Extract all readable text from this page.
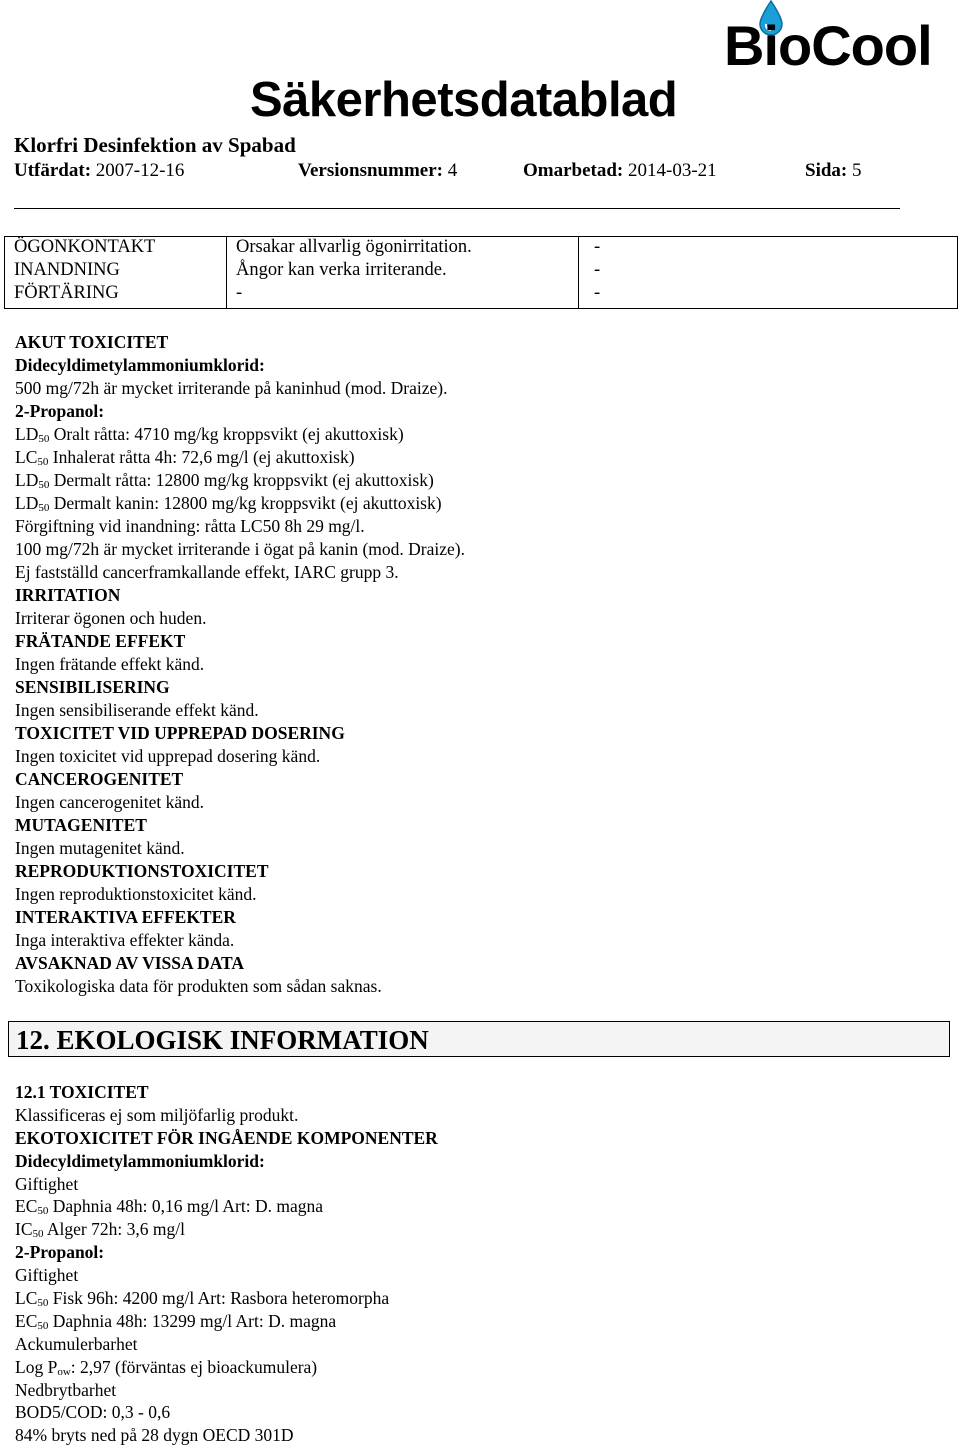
BioCool
Säkerhetsdatablad
Klorfri Desinfektion av Spabad
Utfärdat: 2007-12-16	Versionsnummer: 4	Omarbetad: 2014-03-21	Sida: 5
ÖGONKONTAKT	Orsakar allvarlig ögonirritation.	-
INANDNING	Ångor kan verka irriterande.	-
FÖRTÄRING	-	-
AKUT TOXICITET
Didecyldimetylammoniumklorid:
500 mg/72h är mycket irriterande på kaninhud (mod. Draize).
2-Propanol:
$LD_{50}$ Oralt råtta: 4710 mg/kg kroppsvikt (ej akuttoxisk)
$LC_{50}$ Inhalerat råtta 4h: 72,6 mg/l (ej akuttoxisk)
$LD_{50}$ Dermalt råtta: 12800 mg/kg kroppsvikt (ej akuttoxisk)
$LD_{50}$ Dermalt kanin: 12800 mg/kg kroppsvikt (ej akuttoxisk)
Förgiftning vid inandning: råtta LC50 8h 29 mg/l.
100 mg/72h är mycket irriterande i ögat på kanin (mod. Draize).
Ej fastställd cancerframkallande effekt, IARC grupp 3.
IRRITATION
Irriterar ögonen och huden.
FRÄTANDE EFFEKT
Ingen frätande effekt känd.
SENSIBILISERING
Ingen sensibiliserande effekt känd.
TOXICITET VID UPPREPAD DOSERING
Ingen toxicitet vid upprepad dosering känd.
CANCEROGENITET
Ingen cancerogenitet känd.
MUTAGENITET
Ingen mutagenitet känd.
REPRODUKTIONSTOXICITET
Ingen reproduktionstoxicitet känd.
INTERAKTIVA EFFEKTER
Inga interaktiva effekter kända.
AVSAKNAD AV VISSA DATA
Toxikologiska data för produkten som sådan saknas.
12. EKOLOGISK INFORMATION
12.1 TOXICITET
Klassificeras ej som miljöfarlig produkt.
EKOTOXICITET FÖR INGÅENDE KOMPONENTER
Didecyldimetylammoniumklorid:
Giftighet
$EC_{50}$ Daphnia 48h: 0,16 mg/l Art: D. magna
$IC_{50}$ Alger 72h: 3,6 mg/l
2-Propanol:
Giftighet
$LC_{50}$ Fisk 96h: 4200 mg/l Art: Rasbora heteromorpha
$EC_{50}$ Daphnia 48h: 13299 mg/l Art: D. magna
Ackumulerbarhet
Log $P_{ow}$: 2,97 (förväntas ej bioackumulera)
Nedbrytbarhet
BOD5/COD: 0,3 - 0,6
84% bryts ned på 28 dygn OECD 301D
